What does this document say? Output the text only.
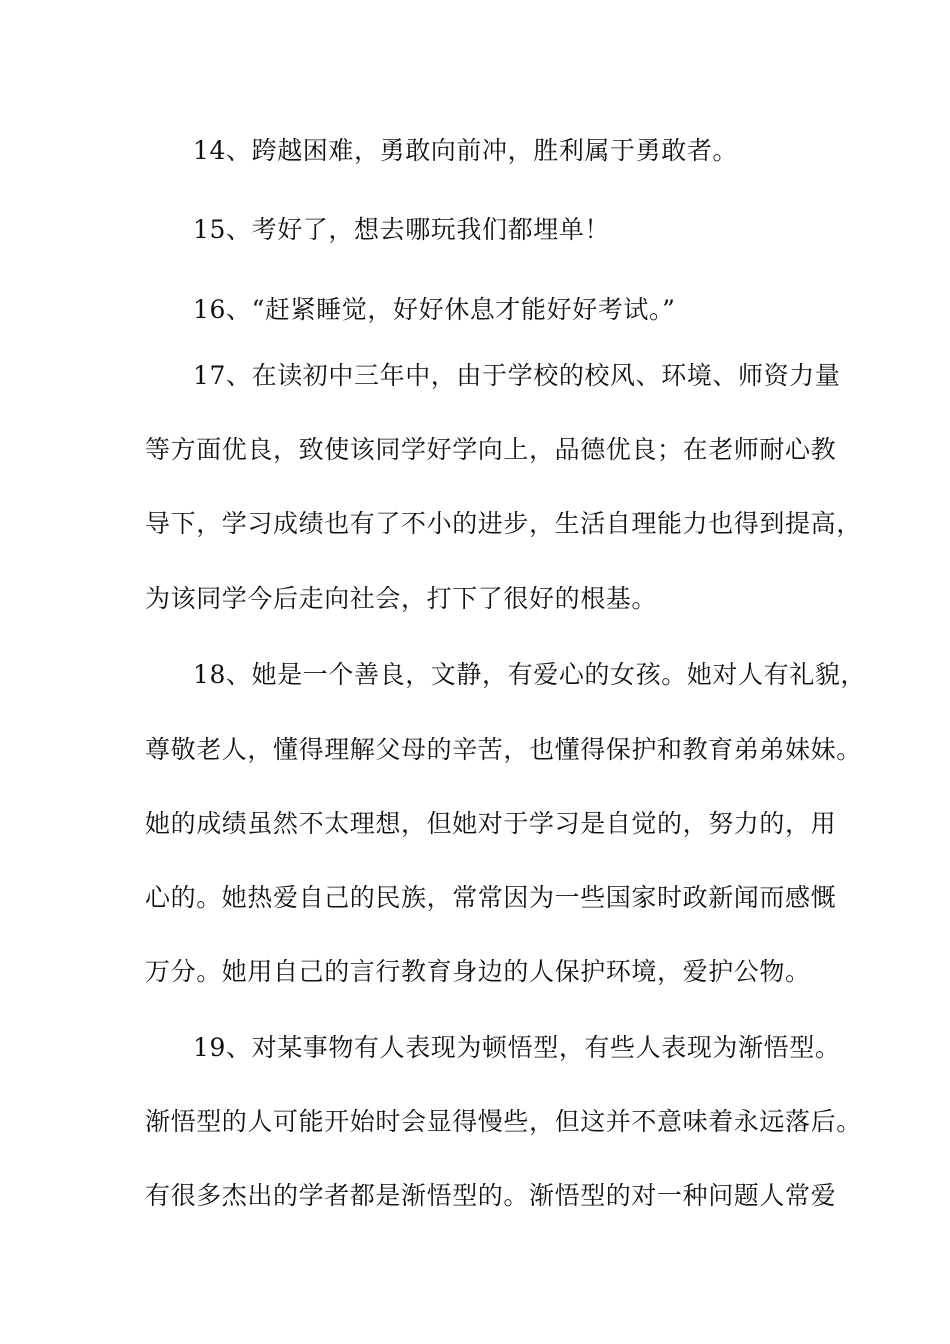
14、跨越困难，勇敢向前冲，胜利属于勇敢者。
15、考好了，想去哪玩我们都埋单！
16、“赶紧睡觉，好好休息才能好好考试。”
17、在读初中三年中，由于学校的校风、环境、师资力量
等方面优良，致使该同学好学向上，品德优良；在老师耐心教
导下，学习成绩也有了不小的进步，生活自理能力也得到提高，
为该同学今后走向社会，打下了很好的根基。
18、她是一个善良，文静，有爱心的女孩。她对人有礼貌，
尊敬老人，懂得理解父母的辛苦，也懂得保护和教育弟弟妹妹。
她的成绩虽然不太理想，但她对于学习是自觉的，努力的，用
心的。她热爱自己的民族，常常因为一些国家时政新闻而感慨
万分。她用自己的言行教育身边的人保护环境，爱护公物。
19、对某事物有人表现为顿悟型，有些人表现为渐悟型。
渐悟型的人可能开始时会显得慢些，但这并不意味着永远落后。
有很多杰出的学者都是渐悟型的。渐悟型的对一种问题人常爱
